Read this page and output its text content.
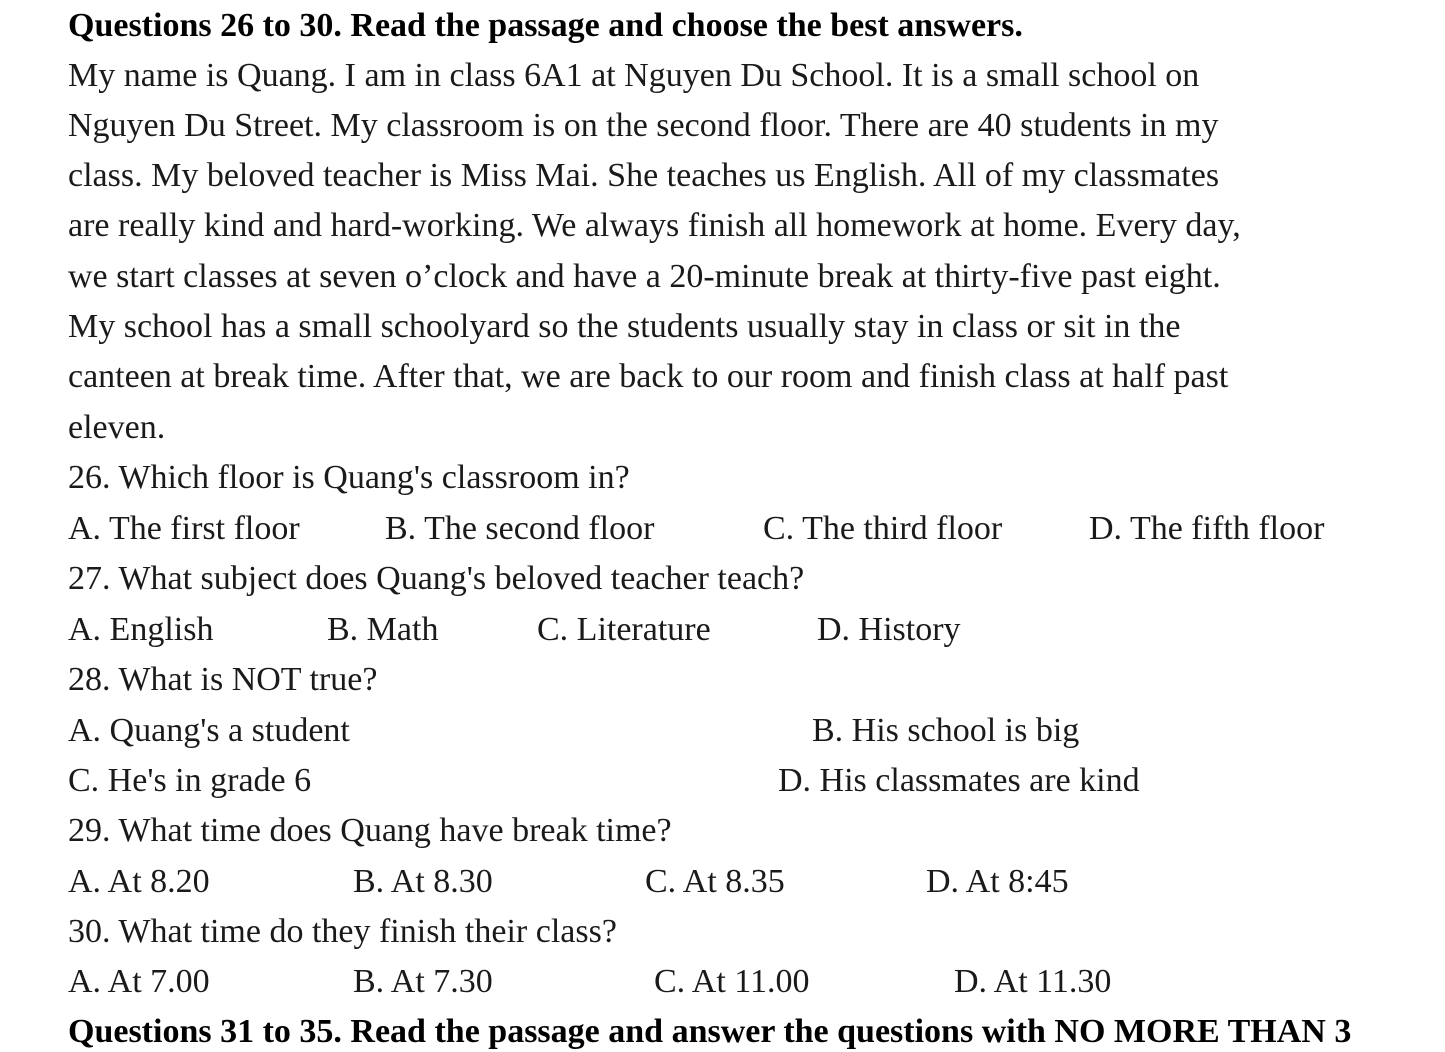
Questions 26 to 30. Read the passage and choose the best answers.
My name is Quang. I am in class 6A1 at Nguyen Du School. It is a small school on
Nguyen Du Street. My classroom is on the second floor. There are 40 students in my
class. My beloved teacher is Miss Mai. She teaches us English. All of my classmates
are really kind and hard-working. We always finish all homework at home. Every day,
we start classes at seven o’clock and have a 20-minute break at thirty-five past eight.
My school has a small schoolyard so the students usually stay in class or sit in the
canteen at break time. After that, we are back to our room and finish class at half past
eleven.
26. Which floor is Quang's classroom in?
A. The first floor	B. The second floor	C. The third floor	D. The fifth floor
27. What subject does Quang's beloved teacher teach?
A. English	B. Math	C. Literature	D. History
28. What is NOT true?
A. Quang's a student	B. His school is big
C. He's in grade 6	D. His classmates are kind
29. What time does Quang have break time?
A. At 8.20	B. At 8.30	C. At 8.35	D. At 8:45
30. What time do they finish their class?
A. At 7.00	B. At 7.30	C. At 11.00	D. At 11.30
Questions 31 to 35. Read the passage and answer the questions with NO MORE THAN 3
